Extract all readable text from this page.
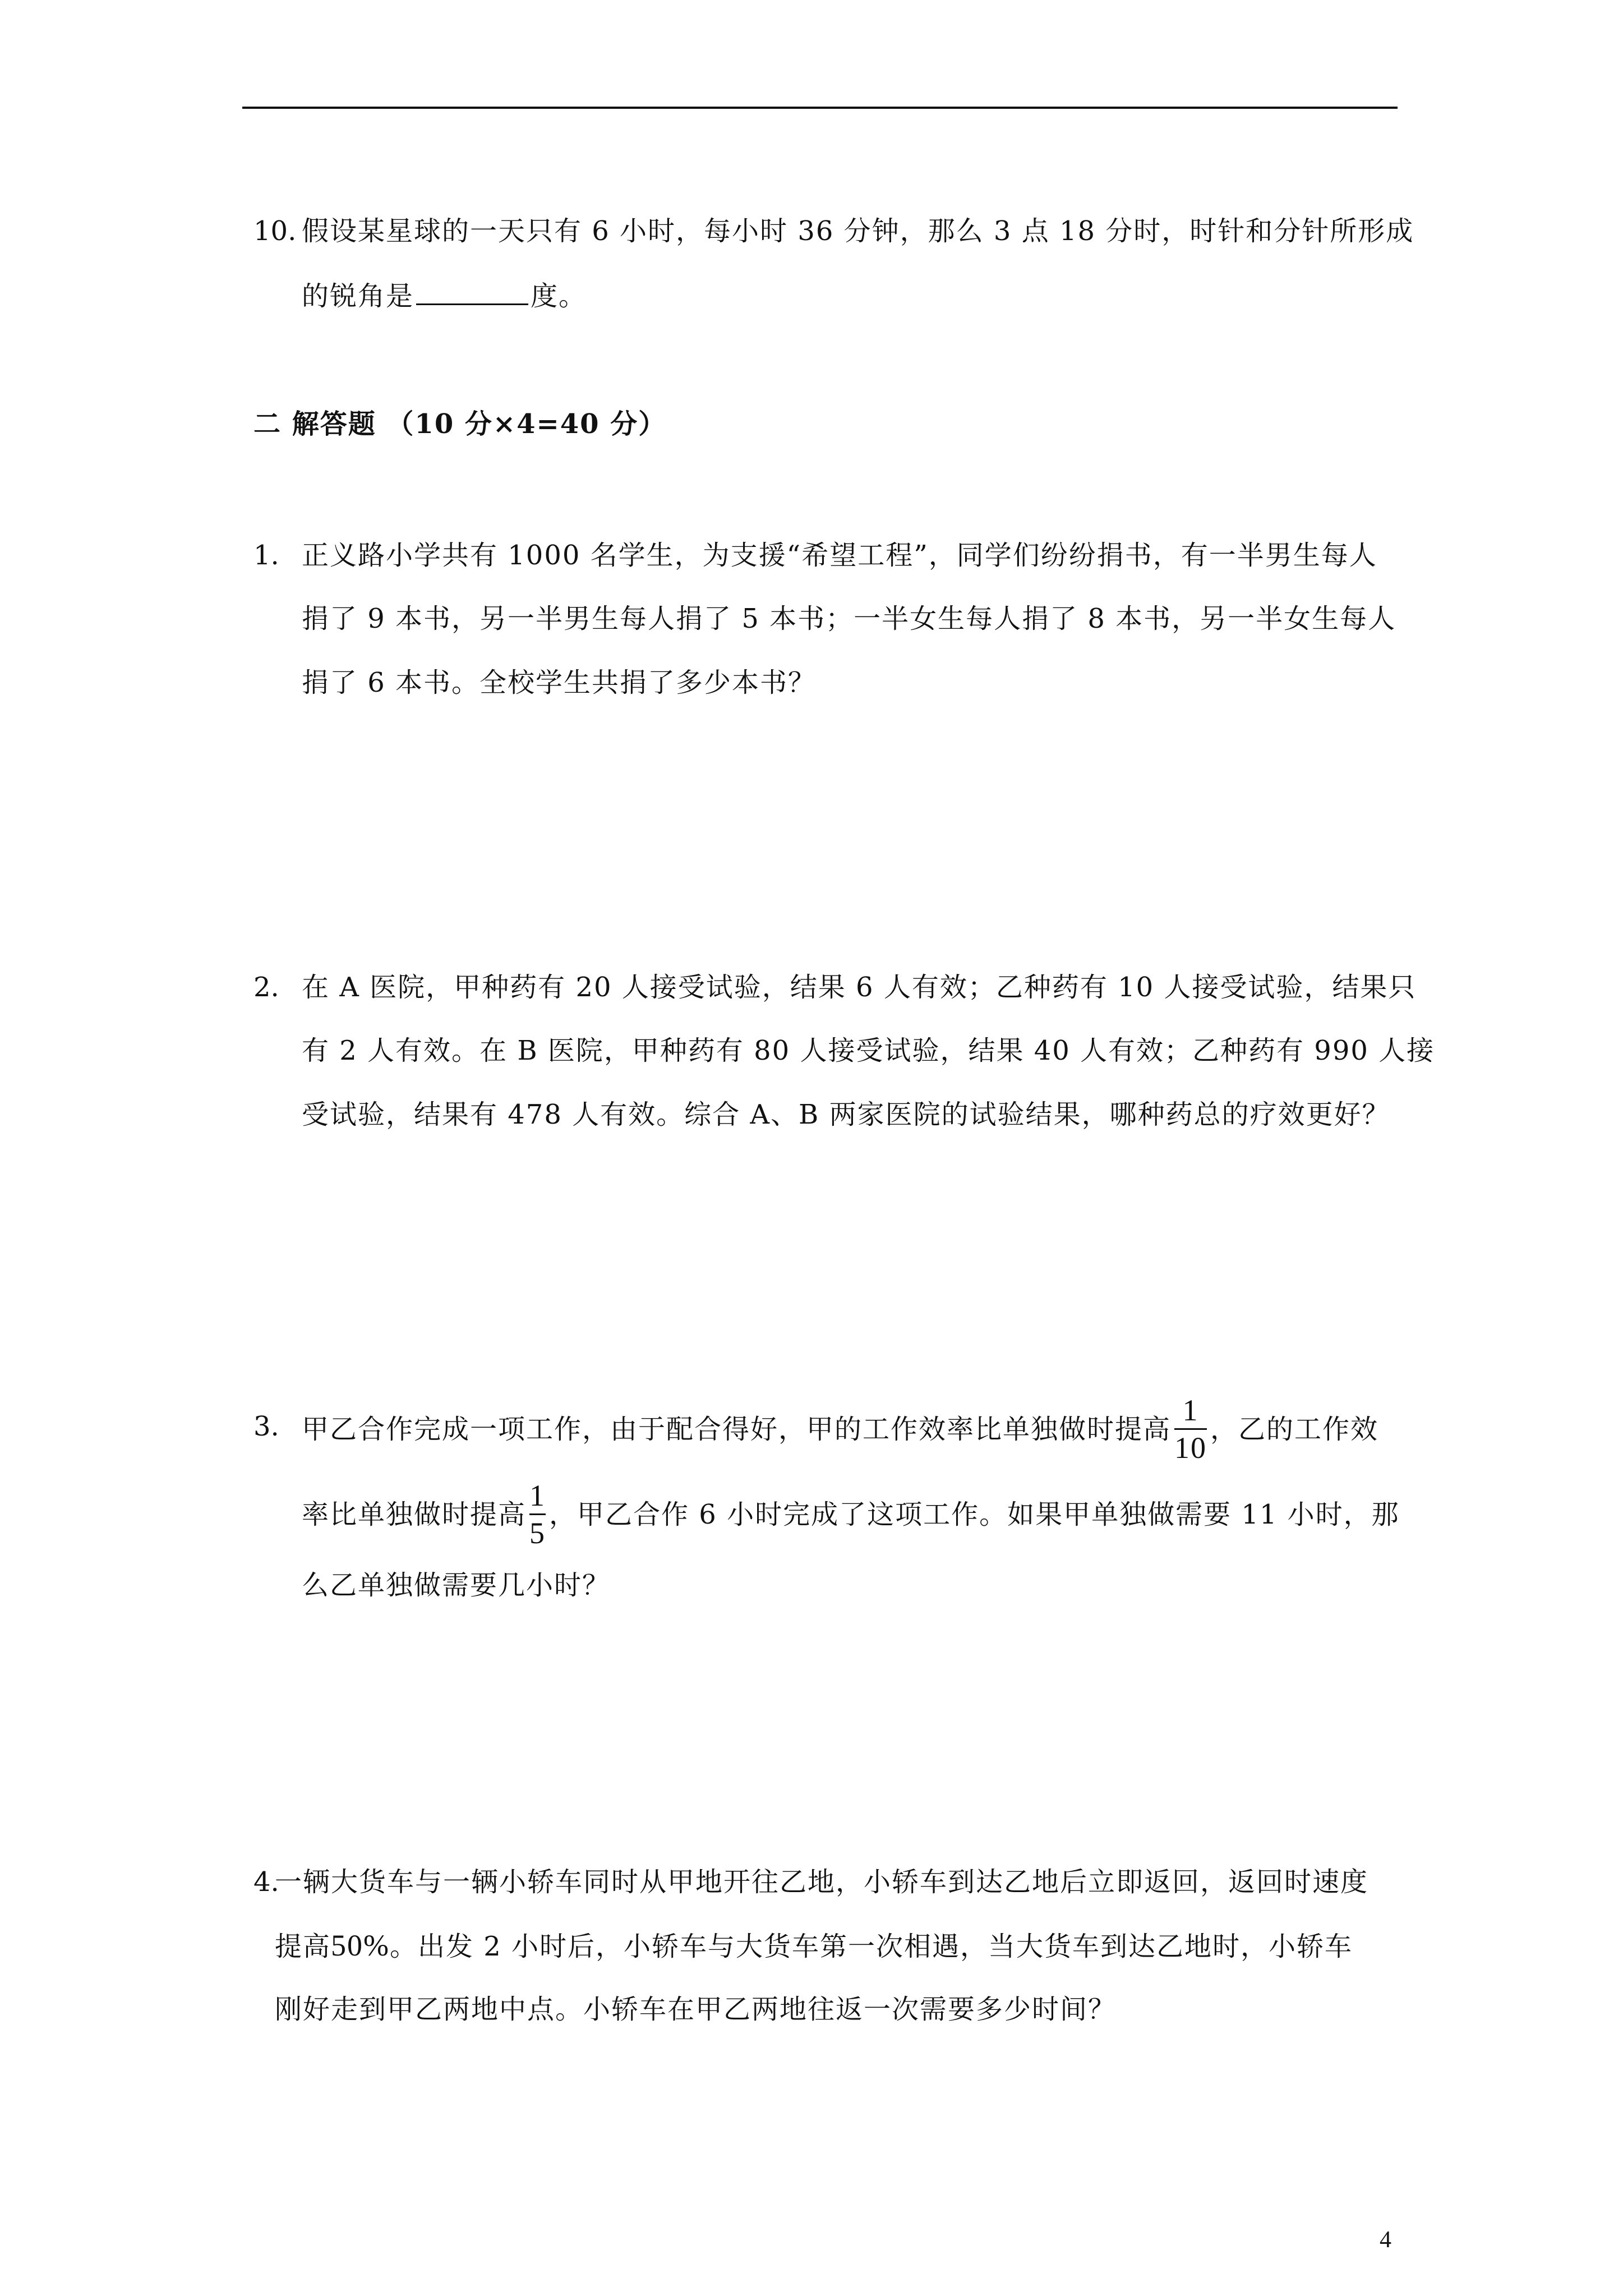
10. 假设某星球的一天只有 6 小时，每小时 36 分钟，那么 3 点 18 分时，时针和分针所形成
的锐角是	度。
二 解答题 （10 分×4=40 分）
1. 正义路小学共有 1000 名学生，为支援“希望工程”，同学们纷纷捐书，有一半男生每人
捐了 9 本书，另一半男生每人捐了 5 本书；一半女生每人捐了 8 本书，另一半女生每人
捐了 6 本书。全校学生共捐了多少本书？
2. 在 A 医院，甲种药有 20 人接受试验，结果 6 人有效；乙种药有 10 人接受试验，结果只
有 2 人有效。在 B 医院，甲种药有 80 人接受试验，结果 40 人有效；乙种药有 990 人接
受试验，结果有 478 人有效。综合 A、B 两家医院的试验结果，哪种药总的疗效更好？
3. 甲乙合作完成一项工作，由于配合得好，甲的工作效率比单独做时提高 $\frac{1}{10}$ ，乙的工作效
率比单独做时提高 $\frac{1}{5}$ ，甲乙合作 6 小时完成了这项工作。如果甲单独做需要 11 小时，那
么乙单独做需要几小时？
4.
一辆大货车与一辆小轿车同时从甲地开往乙地，小轿车到达乙地后立即返回，返回时速度
提高50%。出发 2 小时后，小轿车与大货车第一次相遇，当大货车到达乙地时，小轿车
刚好走到甲乙两地中点。小轿车在甲乙两地往返一次需要多少时间？
4
